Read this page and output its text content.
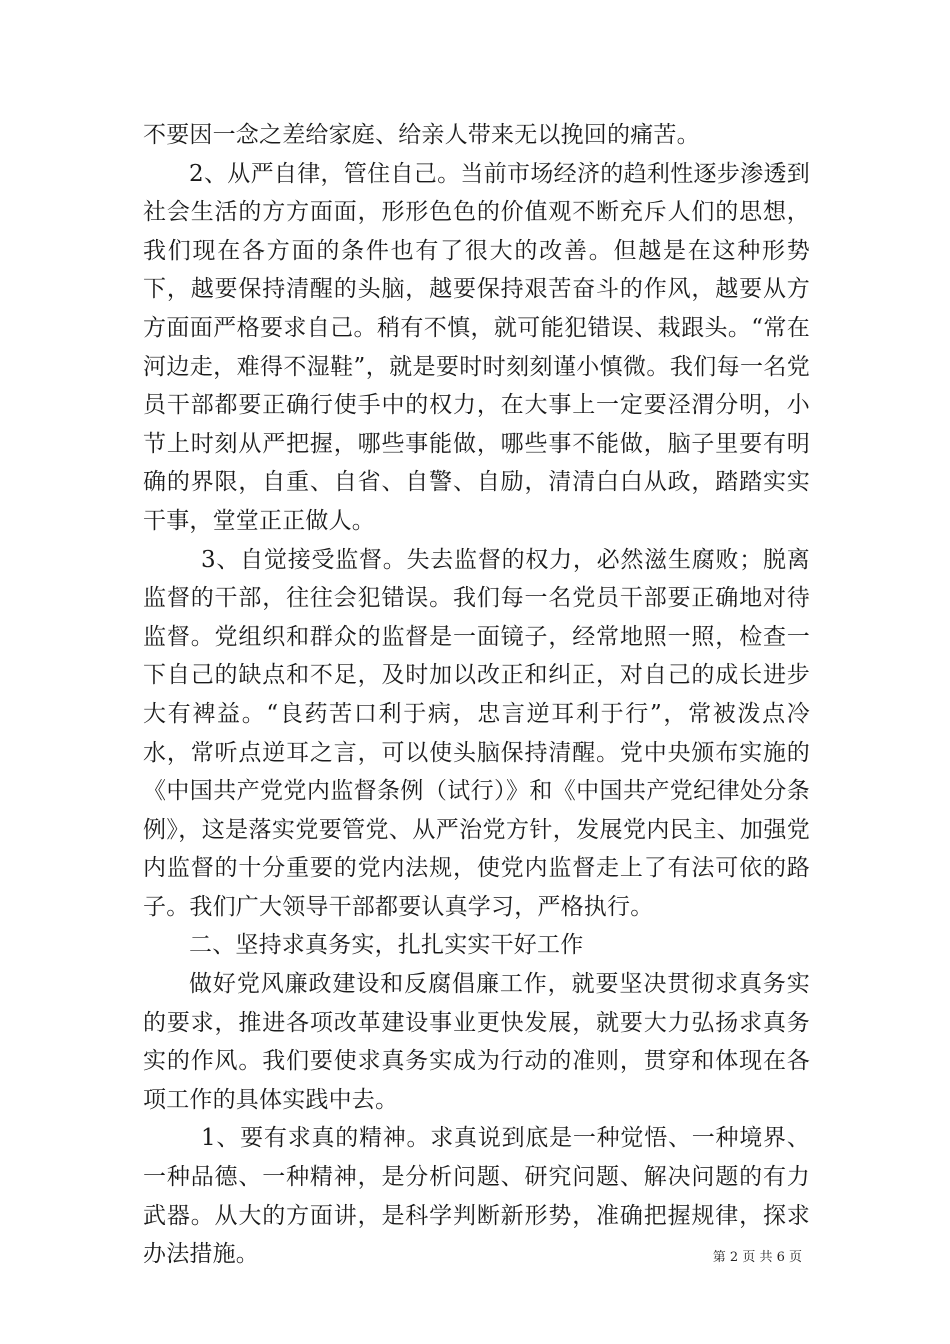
不要因一念之差给家庭、给亲人带来无以挽回的痛苦。

2、从严自律，管住自己。当前市场经济的趋利性逐步渗透到社会生活的方方面面，形形色色的价值观不断充斥人们的思想，我们现在各方面的条件也有了很大的改善。但越是在这种形势下，越要保持清醒的头脑，越要保持艰苦奋斗的作风，越要从方方面面严格要求自己。稍有不慎，就可能犯错误、栽跟头。“常在河边走，难得不湿鞋”，就是要时时刻刻谨小慎微。我们每一名党员干部都要正确行使手中的权力，在大事上一定要泾渭分明，小节上时刻从严把握，哪些事能做，哪些事不能做，脑子里要有明确的界限，自重、自省、自警、自励，清清白白从政，踏踏实实干事，堂堂正正做人。

3、自觉接受监督。失去监督的权力，必然滋生腐败；脱离监督的干部，往往会犯错误。我们每一名党员干部要正确地对待监督。党组织和群众的监督是一面镜子，经常地照一照，检查一下自己的缺点和不足，及时加以改正和纠正，对自己的成长进步大有裨益。“良药苦口利于病，忠言逆耳利于行”，常被泼点冷水，常听点逆耳之言，可以使头脑保持清醒。党中央颁布实施的《中国共产党党内监督条例（试行）》和《中国共产党纪律处分条例》，这是落实党要管党、从严治党方针，发展党内民主、加强党内监督的十分重要的党内法规，使党内监督走上了有法可依的路子。我们广大领导干部都要认真学习，严格执行。

二、坚持求真务实，扎扎实实干好工作

做好党风廉政建设和反腐倡廉工作，就要坚决贯彻求真务实的要求，推进各项改革建设事业更快发展，就要大力弘扬求真务实的作风。我们要使求真务实成为行动的准则，贯穿和体现在各项工作的具体实践中去。

1、要有求真的精神。求真说到底是一种觉悟、一种境界、一种品德、一种精神，是分析问题、研究问题、解决问题的有力武器。从大的方面讲，是科学判断新形势，准确把握规律，探求办法措施。	第 2 页 共 6 页
